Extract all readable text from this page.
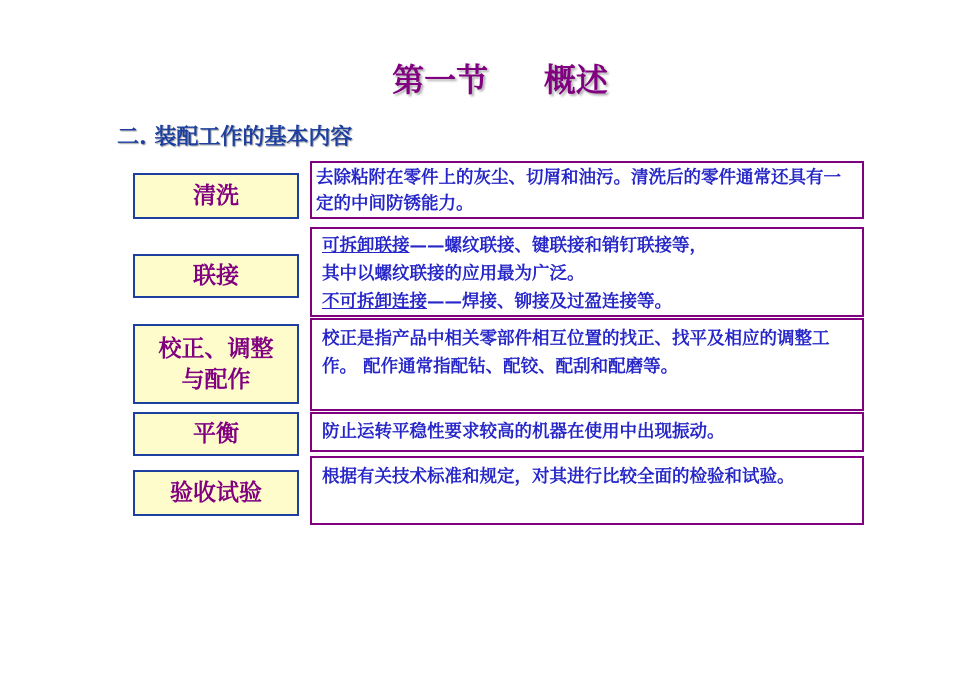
第一节     概述
二. 装配工作的基本内容
清洗

去除粘附在零件上的灰尘、切屑和油污。清洗后的零件通常还具有一定的中间防锈能力。

联接

可拆卸联接——螺纹联接、键联接和销钉联接等，

其中以螺纹联接的应用最为广泛。

不可拆卸连接——焊接、铆接及过盈连接等。

校正、调整与配作

校正是指产品中相关零部件相互位置的找正、找平及相应的调整工作。 配作通常指配钻、配铰、配刮和配磨等。

平衡	防止运转平稳性要求较高的机器在使用中出现振动。

验收试验

根据有关技术标准和规定，对其进行比较全面的检验和试验。
